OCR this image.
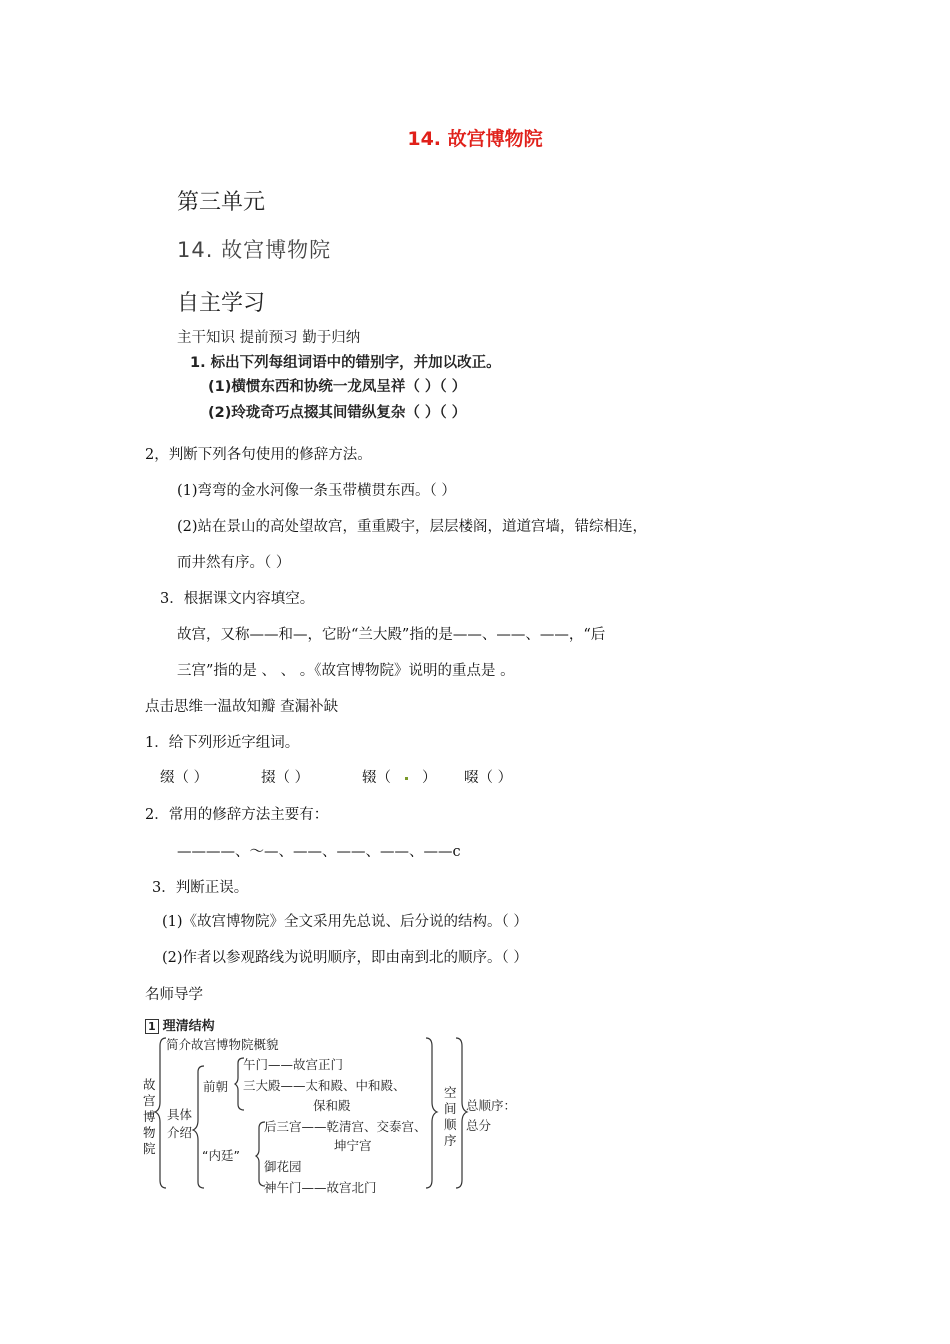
14. 故宫博物院
第三单元
14. 故宫博物院
自主学习
主干知识 提前预习 勤于归纳
1. 标出下列每组词语中的错别字，并加以改正。
(1)横惯东西和协统一龙凤呈祥（ ）（ ）
(2)玲珑奇巧点掇其间错纵复杂（ ）（ ）
2，判断下列各句使用的修辞方法。
(1)弯弯的金水河像一条玉带横贯东西。（ ）
(2)站在景山的高处望故宫，重重殿宇，层层楼阁，道道宫墙，错综相连，
而井然有序。（ ）
3．根据课文内容填空。
故宫，又称——和—，它盼“兰大殿”指的是——、——、——，“后
三宫”指的是 、 、 。《故宫博物院》说明的重点是 。
点击思维一温故知瓣 查漏补缺
1．给下列形近字组词。
缀（ ）	掇（ ）	辍（ ） 啜（ ）
2．常用的修辞方法主要有：
————、〜—、——、——、——、——c
3．判断正误。
(1)《故宫博物院》全文采用先总说、后分说的结构。（ ）
(2)作者以参观路线为说明顺序，即由南到北的顺序。（ ）
名师导学
1 理清结构
故宫博物院
简介故宫博物院概貌
具体介绍
前朝
午门——故宫正门
三大殿——太和殿、中和殿、
保和殿
“内廷”
后三宫——乾清宫、交泰宫、
坤宁宫
御花园
神午门——故宫北门
空间顺序
总顺序：
总分
